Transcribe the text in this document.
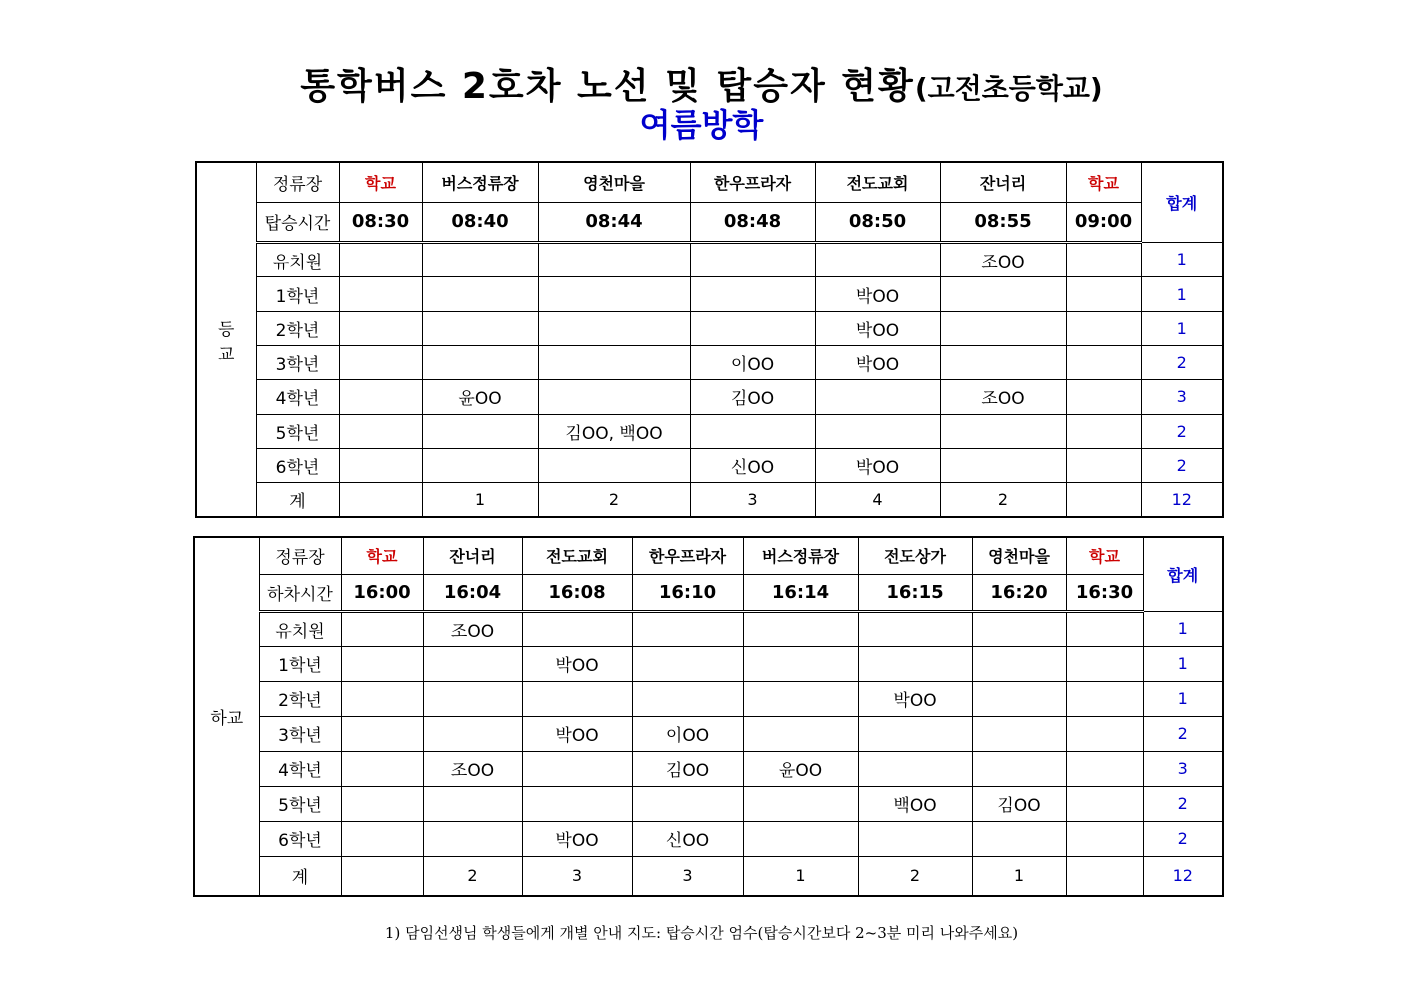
통학버스 2호차 노선 및 탑승자 현황(고전초등학교)
여름방학
등
교	정류장	학교	버스정류장	영천마을	한우프라자	전도교회	잔너리	학교	합계
	탑승시간	08:30	08:40	08:44	08:48	08:50	08:55	09:00	
	유치원						조OO		1
	1학년					박OO			1
	2학년					박OO			1
	3학년				이OO	박OO			2
	4학년		윤OO		김OO		조OO		3
	5학년			김OO, 백OO					2
	6학년				신OO	박OO			2
	계		1	2	3	4	2		12
하교	정류장	학교	잔너리	전도교회	한우프라자	버스정류장	전도상가	영천마을	학교	합계
	하차시간	16:00	16:04	16:08	16:10	16:14	16:15	16:20	16:30	
	유치원		조OO							1
	1학년			박OO						1
	2학년						박OO			1
	3학년			박OO	이OO					2
	4학년		조OO		김OO	윤OO				3
	5학년						백OO	김OO		2
	6학년			박OO	신OO					2
	계		2	3	3	1	2	1		12
1) 담임선생님 학생들에게 개별 안내 지도: 탑승시간 엄수(탑승시간보다 2~3분 미리 나와주세요)
